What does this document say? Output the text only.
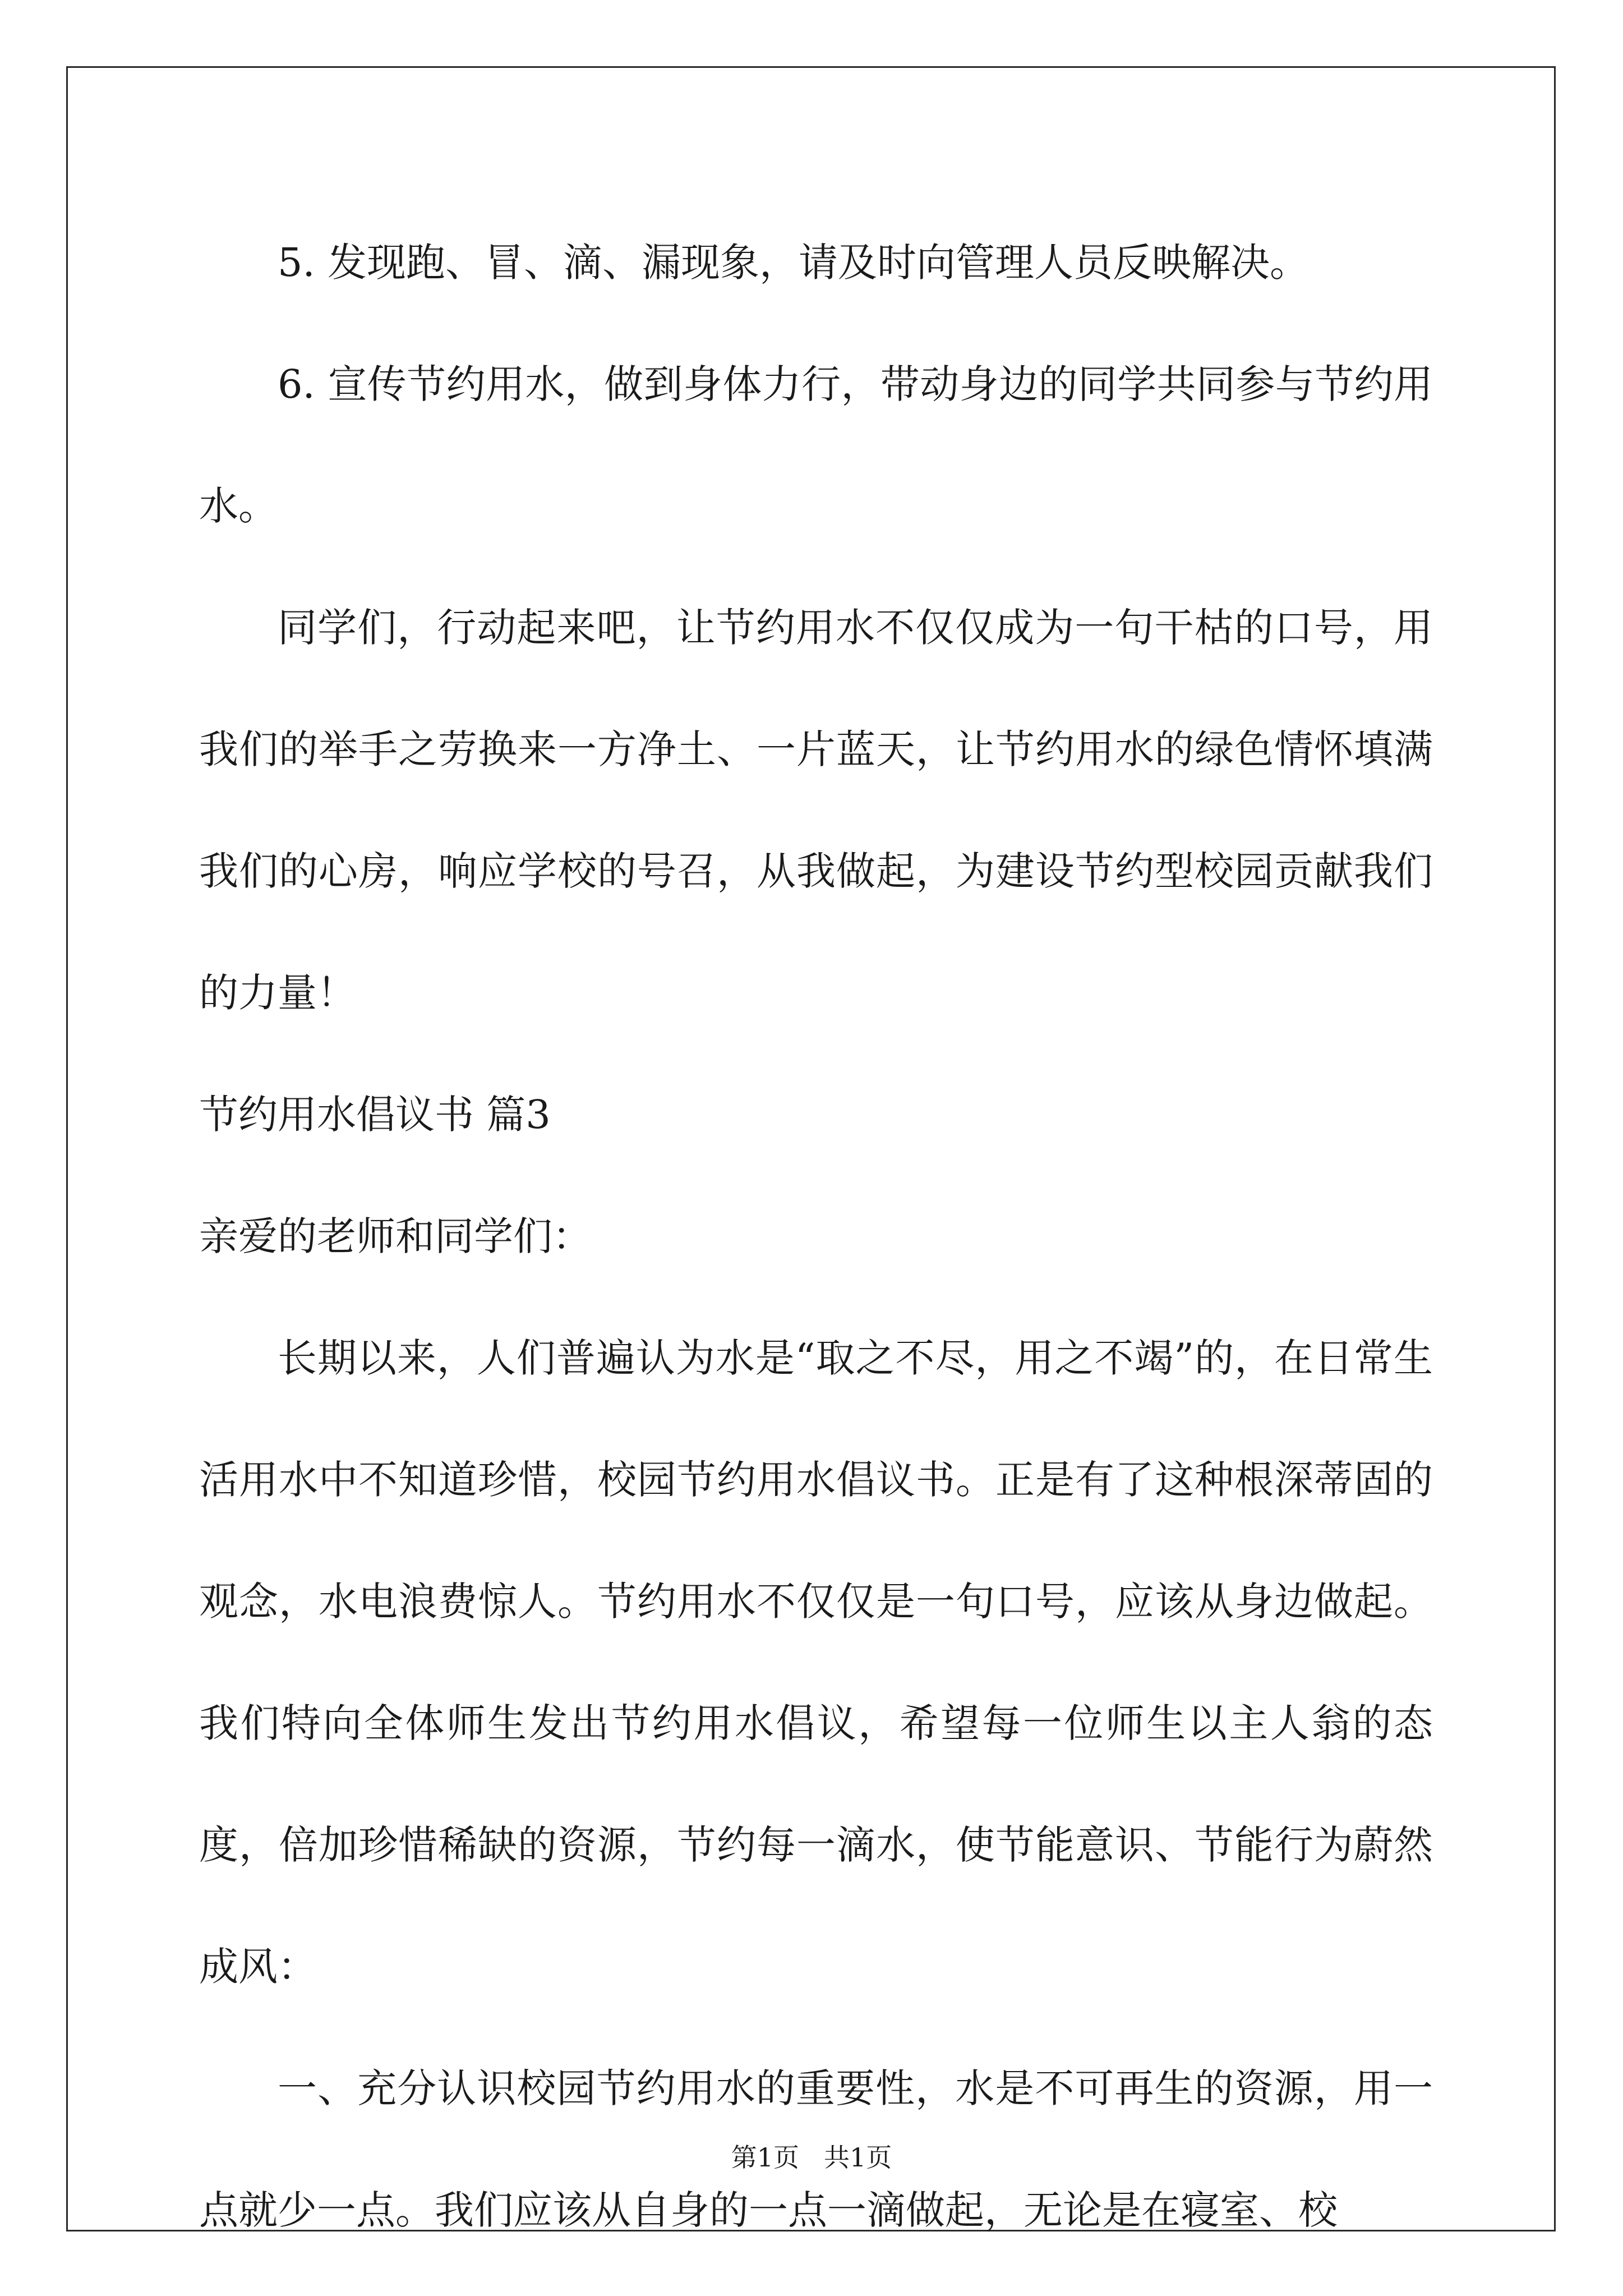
5. 发现跑、冒、滴、漏现象，请及时向管理人员反映解决。

6. 宣传节约用水，做到身体力行，带动身边的同学共同参与节约用水。

同学们，行动起来吧，让节约用水不仅仅成为一句干枯的口号，用我们的举手之劳换来一方净土、一片蓝天，让节约用水的绿色情怀填满我们的心房，响应学校的号召，从我做起，为建设节约型校园贡献我们的力量！

节约用水倡议书 篇3

亲爱的老师和同学们：

长期以来，人们普遍认为水是“取之不尽，用之不竭”的，在日常生活用水中不知道珍惜，校园节约用水倡议书。正是有了这种根深蒂固的观念，水电浪费惊人。节约用水不仅仅是一句口号，应该从身边做起。我们特向全体师生发出节约用水倡议，希望每一位师生以主人翁的态度，倍加珍惜稀缺的资源，节约每一滴水，使节能意识、节能行为蔚然成风：

一、充分认识校园节约用水的重要性，水是不可再生的资源，用一点就少一点。我们应该从自身的一点一滴做起，无论是在寝室、校

第1页 共1页
